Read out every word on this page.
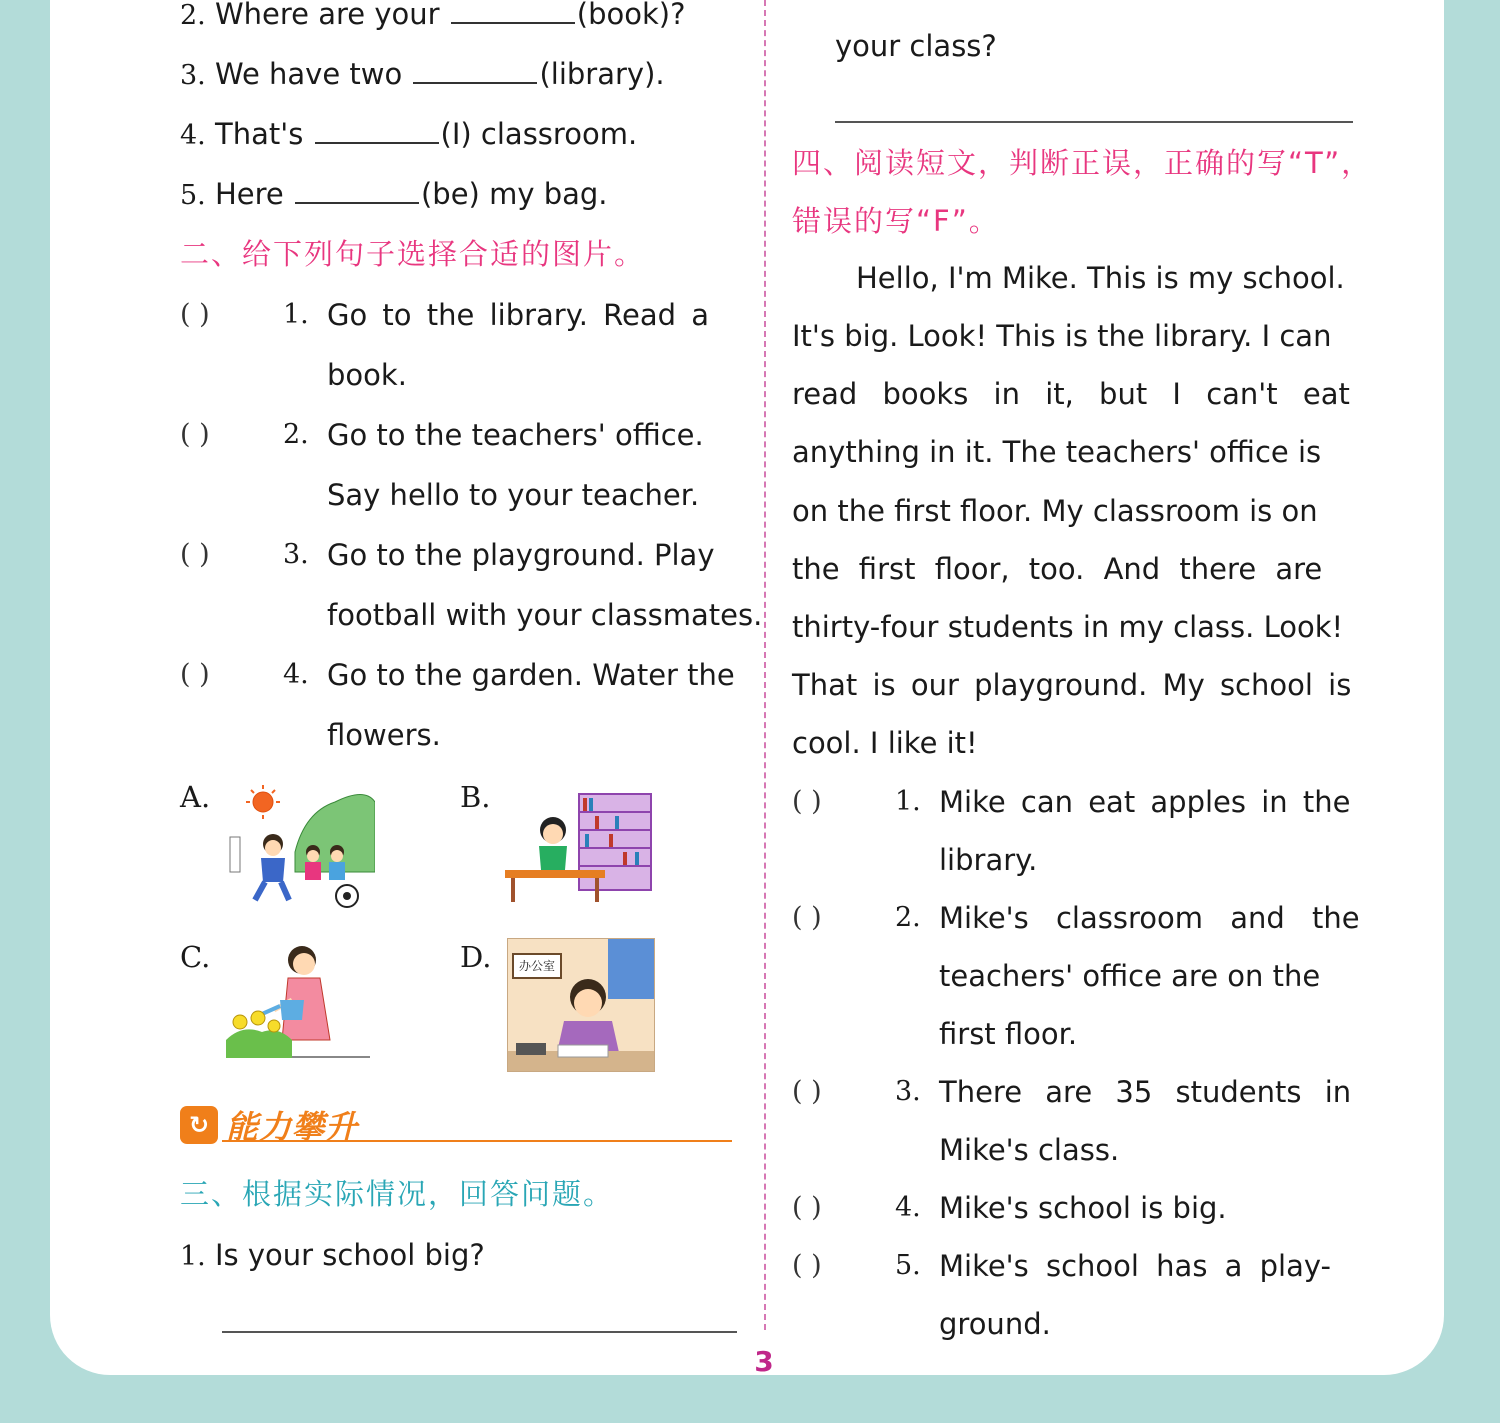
2. Where are your	(book)?
3. We have two	(library).
4. That's	(I) classroom.
5. Here	(be) my bag.
二、给下列句子选择合适的图片。
( )	1. Go to the library. Read a
book.
( )	2. Go to the teachers' office.
Say hello to your teacher.
( )	3. Go to the playground. Play
football with your classmates.
( )	4. Go to the garden. Water the
flowers.
A.	B.
C.	D.	办公室
↻ 能力攀升
三、根据实际情况，回答问题。
1. Is your school big?
your class?
四、阅读短文，判断正误，正确的写“T”，
错误的写“F”。
Hello, I'm Mike. This is my school.
It's big. Look! This is the library. I can
read books in it, but I can't eat
anything in it. The teachers' office is
on the first floor. My classroom is on
the first floor, too. And there are
thirty-four students in my class. Look!
That is our playground. My school is
cool. I like it!
( )	1. Mike can eat apples in the
library.
( )	2. Mike's classroom and the
teachers' office are on the
first floor.
( )	3. There are 35 students in
Mike's class.
( )	4. Mike's school is big.
( )	5. Mike's school has a play-
ground.
3
